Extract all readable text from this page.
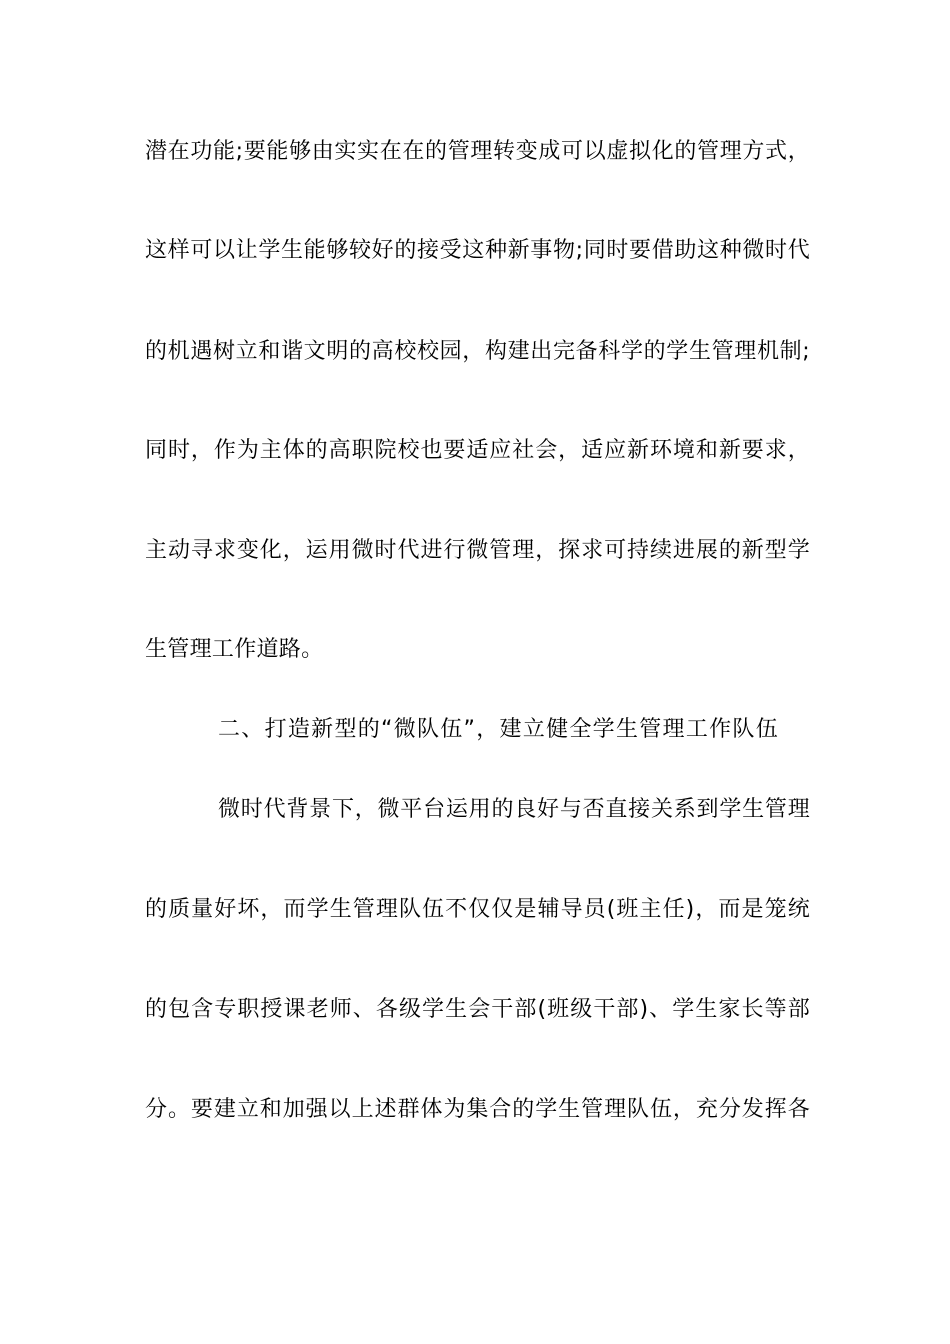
潜在功能;要能够由实实在在的管理转变成可以虚拟化的管理方式，
这样可以让学生能够较好的接受这种新事物;同时要借助这种微时代
的机遇树立和谐文明的高校校园，构建出完备科学的学生管理机制;
同时，作为主体的高职院校也要适应社会，适应新环境和新要求，
主动寻求变化，运用微时代进行微管理，探求可持续进展的新型学
生管理工作道路。
二、打造新型的“微队伍”，建立健全学生管理工作队伍
微时代背景下，微平台运用的良好与否直接关系到学生管理
的质量好坏，而学生管理队伍不仅仅是辅导员(班主任)，而是笼统
的包含专职授课老师、各级学生会干部(班级干部)、学生家长等部
分。要建立和加强以上述群体为集合的学生管理队伍，充分发挥各
